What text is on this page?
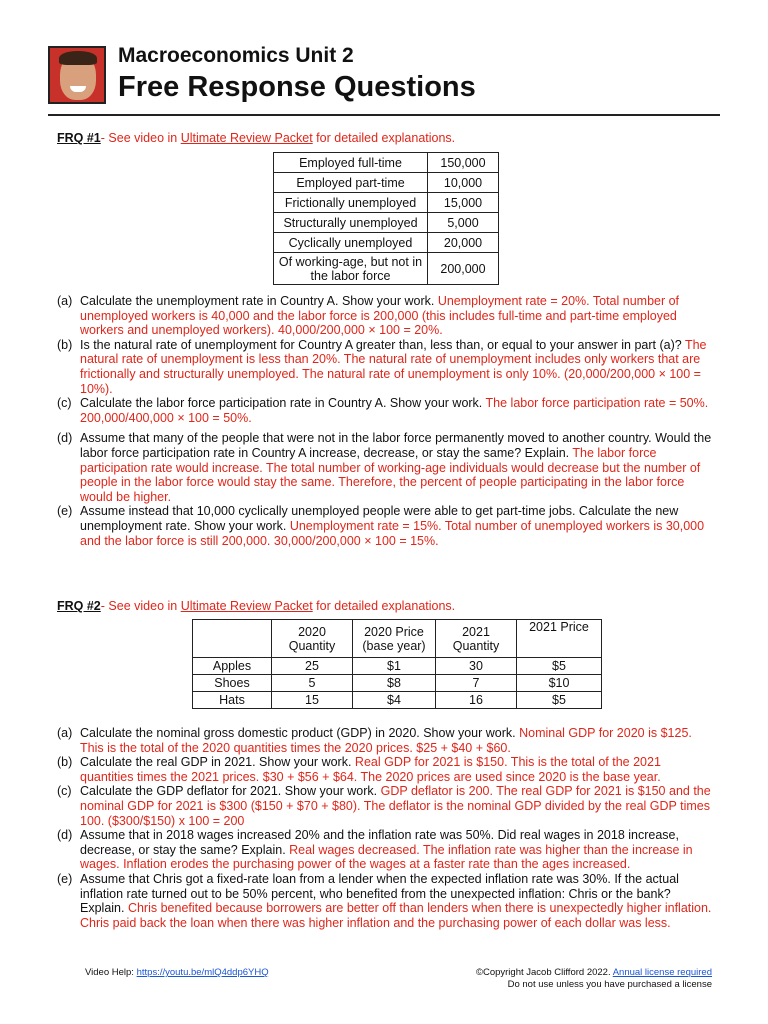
Macroeconomics Unit 2
Free Response Questions
FRQ #1- See video in Ultimate Review Packet for detailed explanations.
Employed full-time	150,000
Employed part-time	10,000
Frictionally unemployed	15,000
Structurally unemployed	5,000
Cyclically unemployed	20,000
Of working-age, but not in the labor force	200,000
(a) Calculate the unemployment rate in Country A. Show your work. Unemployment rate = 20%. Total number of unemployed workers is 40,000 and the labor force is 200,000 (this includes full-time and part-time employed workers and unemployed workers). 40,000/200,000 × 100 = 20%.
(b) Is the natural rate of unemployment for Country A greater than, less than, or equal to your answer in part (a)? The natural rate of unemployment is less than 20%. The natural rate of unemployment includes only workers that are frictionally and structurally unemployed. The natural rate of unemployment is only 10%. (20,000/200,000 × 100 = 10%).
(c) Calculate the labor force participation rate in Country A. Show your work. The labor force participation rate = 50%. 200,000/400,000 × 100 = 50%.
(d) Assume that many of the people that were not in the labor force permanently moved to another country. Would the labor force participation rate in Country A increase, decrease, or stay the same? Explain. The labor force participation rate would increase. The total number of working-age individuals would decrease but the number of people in the labor force would stay the same. Therefore, the percent of people participating in the labor force would be higher.
(e) Assume instead that 10,000 cyclically unemployed people were able to get part-time jobs. Calculate the new unemployment rate. Show your work. Unemployment rate = 15%. Total number of unemployed workers is 30,000 and the labor force is still 200,000. 30,000/200,000 × 100 = 15%.
FRQ #2- See video in Ultimate Review Packet for detailed explanations.
	2020 Quantity	2020 Price (base year)	2021 Quantity	2021 Price
Apples	25	$1	30	$5
Shoes	5	$8	7	$10
Hats	15	$4	16	$5
(a) Calculate the nominal gross domestic product (GDP) in 2020. Show your work. Nominal GDP for 2020 is $125. This is the total of the 2020 quantities times the 2020 prices. $25 + $40 + $60.
(b) Calculate the real GDP in 2021. Show your work. Real GDP for 2021 is $150. This is the total of the 2021 quantities times the 2021 prices. $30 + $56 + $64. The 2020 prices are used since 2020 is the base year.
(c) Calculate the GDP deflator for 2021. Show your work. GDP deflator is 200. The real GDP for 2021 is $150 and the nominal GDP for 2021 is $300 ($150 + $70 + $80). The deflator is the nominal GDP divided by the real GDP times 100. ($300/$150) x 100 = 200
(d) Assume that in 2018 wages increased 20% and the inflation rate was 50%. Did real wages in 2018 increase, decrease, or stay the same? Explain. Real wages decreased. The inflation rate was higher than the increase in wages. Inflation erodes the purchasing power of the wages at a faster rate than the ages increased.
(e) Assume that Chris got a fixed-rate loan from a lender when the expected inflation rate was 30%. If the actual inflation rate turned out to be 50% percent, who benefited from the unexpected inflation: Chris or the bank? Explain. Chris benefited because borrowers are better off than lenders when there is unexpectedly higher inflation. Chris paid back the loan when there was higher inflation and the purchasing power of each dollar was less.
Video Help: https://youtu.be/mlQ4ddp6YHQ	©Copyright Jacob Clifford 2022. Annual license required
Do not use unless you have purchased a license
